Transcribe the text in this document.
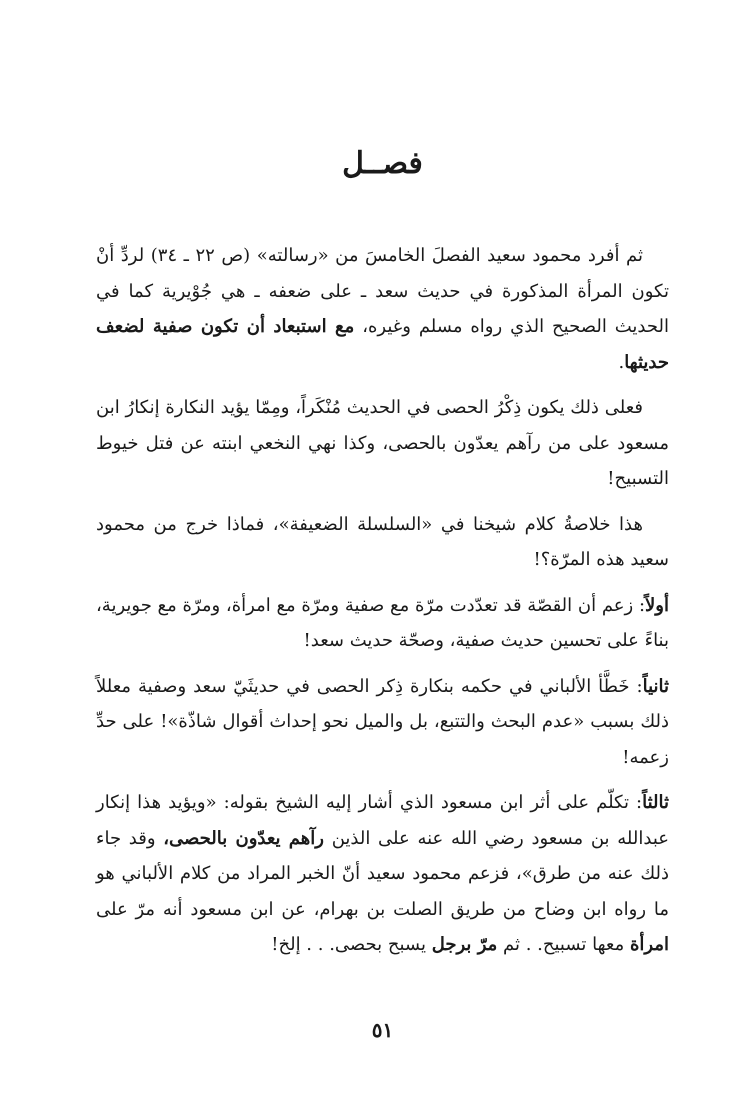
فصــل

ثم أفرد محمود سعيد الفصلَ الخامسَ من «رسالته» (ص ٢٢ ـ ٣٤) لردِّ أنْ تكون المرأة المذكورة في حديث سعد ـ على ضعفه ـ هي جُوْيرية كما في الحديث الصحيح الذي رواه مسلم وغيره، مع استبعاد أن تكون صفية لضعف حديثها.

فعلى ذلك يكون ذِكْرُ الحصى في الحديث مُنْكَراً، ومِمّا يؤيد النكارة إنكارُ ابن مسعود على من رآهم يعدّون بالحصى، وكذا نهي النخعي ابنته عن فتل خيوط التسبيح!

هذا خلاصةُ كلام شيخنا في «السلسلة الضعيفة»، فماذا خرج من محمود سعيد هذه المرّة؟!

أولاً: زعم أن القصّة قد تعدّدت مرّة مع صفية ومرّة مع امرأة، ومرّة مع جويرية، بناءً على تحسين حديث صفية، وصحّة حديث سعد!

ثانياً: خَطَّأ الألباني في حكمه بنكارة ذِكر الحصى في حديثَيّ سعد وصفية معللاً ذلك بسبب «عدم البحث والتتبع، بل والميل نحو إحداث أقوال شاذّة»! على حدِّ زعمه!

ثالثاً: تكلّم على أثر ابن مسعود الذي أشار إليه الشيخ بقوله: «ويؤيد هذا إنكار عبدالله بن مسعود رضي الله عنه على الذين رآهم يعدّون بالحصى، وقد جاء ذلك عنه من طرق»، فزعم محمود سعيد أنّ الخبر المراد من كلام الألباني هو ما رواه ابن وضاح من طريق الصلت بن بهرام، عن ابن مسعود أنه مرّ على امرأة معها تسبيح. . ثم مرّ برجل يسبح بحصى. . . إلخ!

٥١
